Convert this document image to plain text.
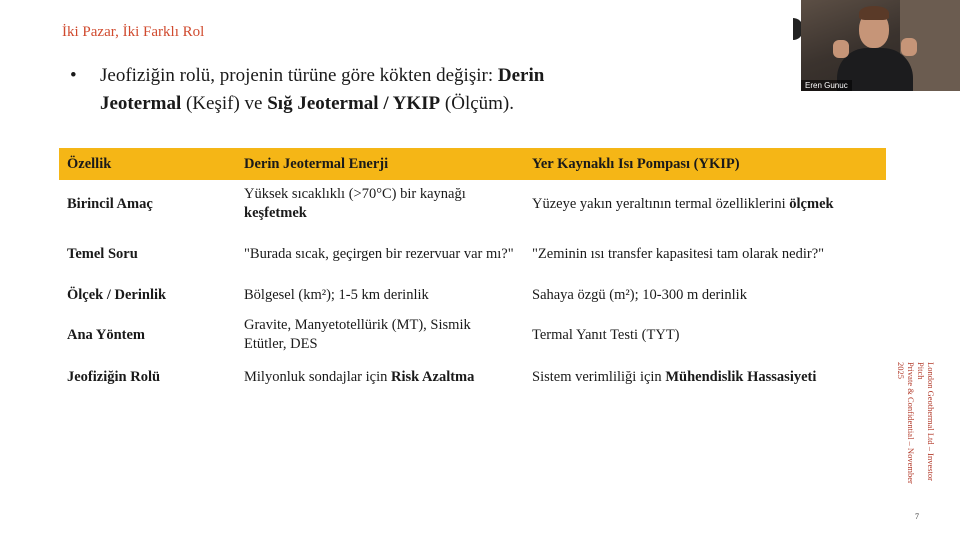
İki Pazar, İki Farklı Rol
•	Jeofiziğin rolü, projenin türüne göre kökten değişir: Derin Jeotermal (Keşif) ve Sığ Jeotermal / YKIP (Ölçüm).
Özellik	Derin Jeotermal Enerji	Yer Kaynaklı Isı Pompası (YKIP)
Birincil Amaç	Yüksek sıcaklıklı (>70°C) bir kaynağı keşfetmek	Yüzeye yakın yeraltının termal özelliklerini ölçmek
Temel Soru	"Burada sıcak, geçirgen bir rezervuar var mı?"	"Zeminin ısı transfer kapasitesi tam olarak nedir?"
Ölçek / Derinlik	Bölgesel (km²); 1-5 km derinlik	Sahaya özgü (m²); 10-300 m derinlik
Ana Yöntem	Gravite, Manyetotellürik (MT), Sismik Etütler, DES	Termal Yanıt Testi (TYT)
Jeofiziğin Rolü	Milyonluk sondajlar için Risk Azaltma	Sistem verimliliği için Mühendislik Hassasiyeti	London Geothermal Ltd – Investor Pitch
Private & Confidential – November 2025
7
Eren Gunuc
